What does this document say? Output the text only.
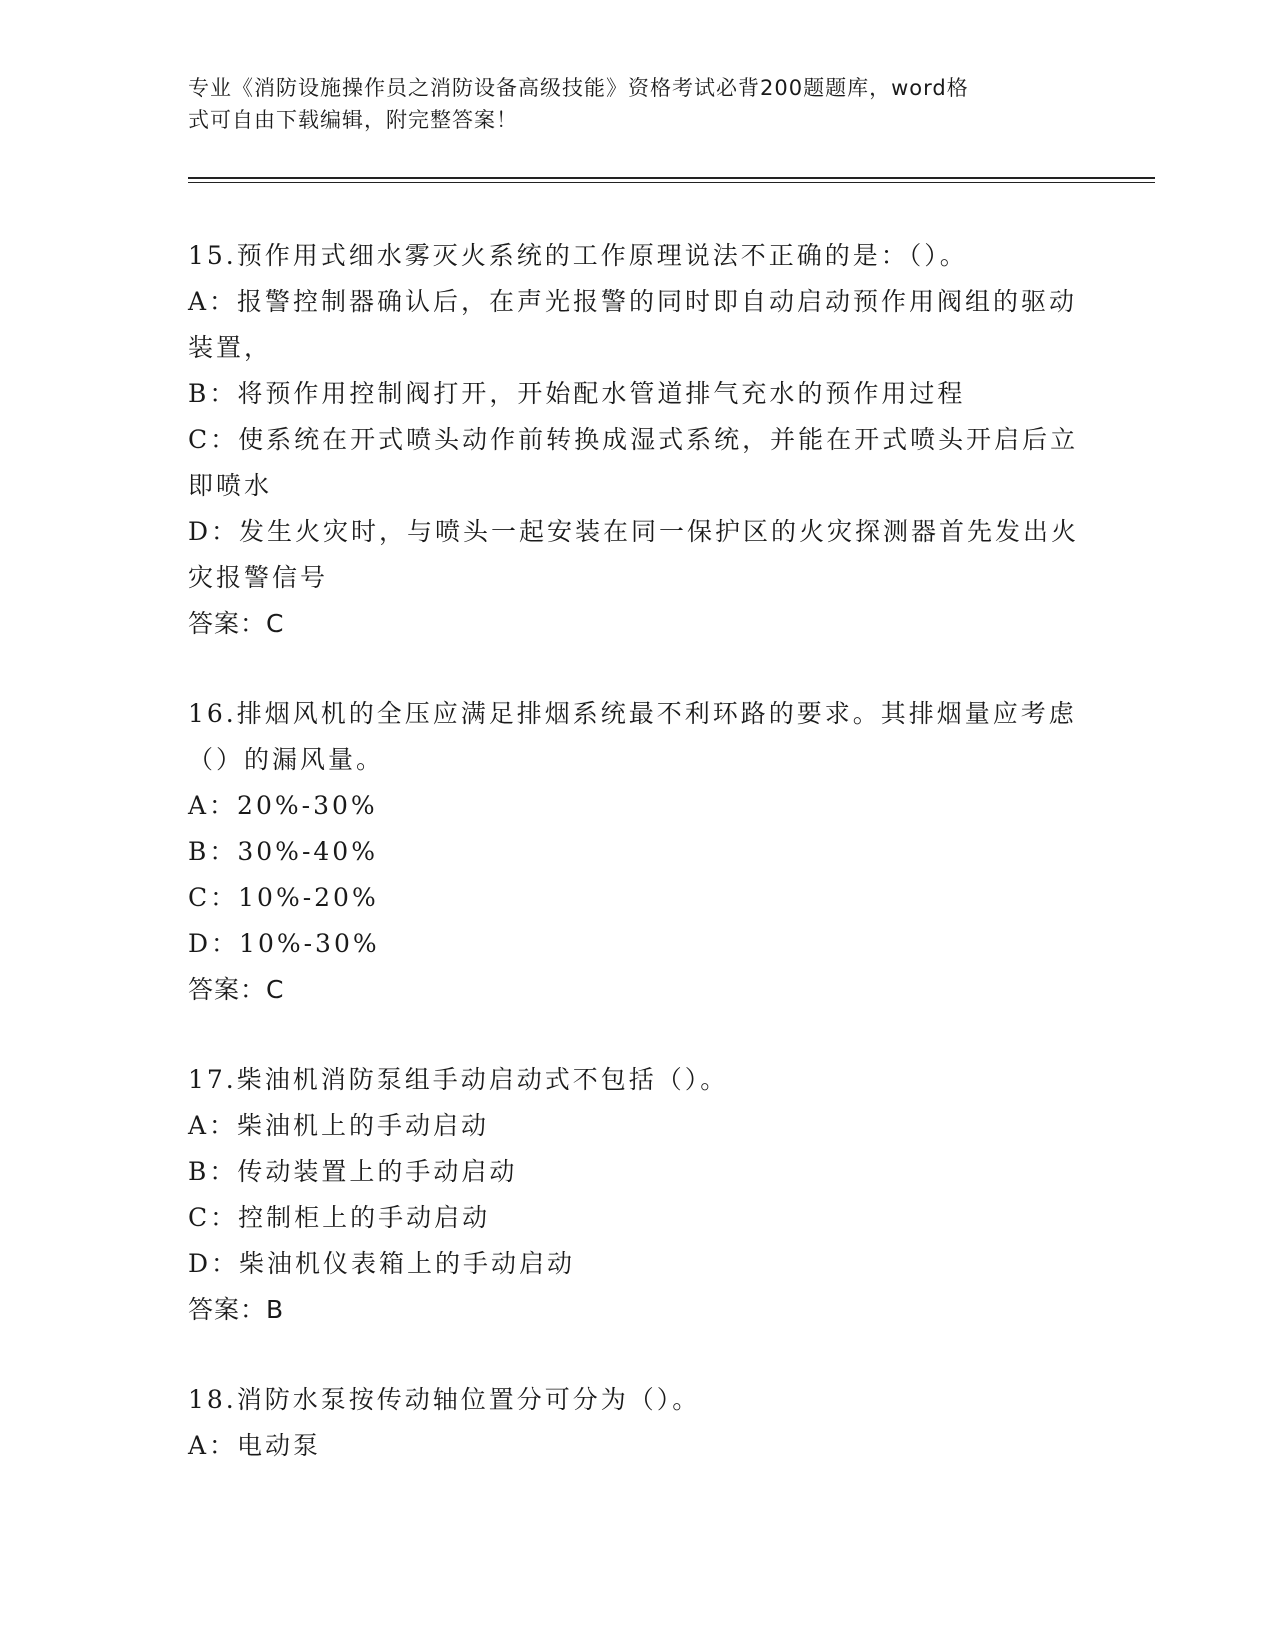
专业《消防设施操作员之消防设备高级技能》资格考试必背200题题库，word格
式可自由下载编辑，附完整答案！

15.预作用式细水雾灭火系统的工作原理说法不正确的是：（）。

A：报警控制器确认后，在声光报警的同时即自动启动预作用阀组的驱动装置，

B：将预作用控制阀打开，开始配水管道排气充水的预作用过程

C：使系统在开式喷头动作前转换成湿式系统，并能在开式喷头开启后立即喷水

D：发生火灾时，与喷头一起安装在同一保护区的火灾探测器首先发出火灾报警信号

答案：C

16.排烟风机的全压应满足排烟系统最不利环路的要求。其排烟量应考虑（）的漏风量。

A：20%-30%

B：30%-40%

C：10%-20%

D：10%-30%

答案：C

17.柴油机消防泵组手动启动式不包括（）。

A：柴油机上的手动启动

B：传动装置上的手动启动

C：控制柜上的手动启动

D：柴油机仪表箱上的手动启动

答案：B

18.消防水泵按传动轴位置分可分为（）。

A：电动泵
